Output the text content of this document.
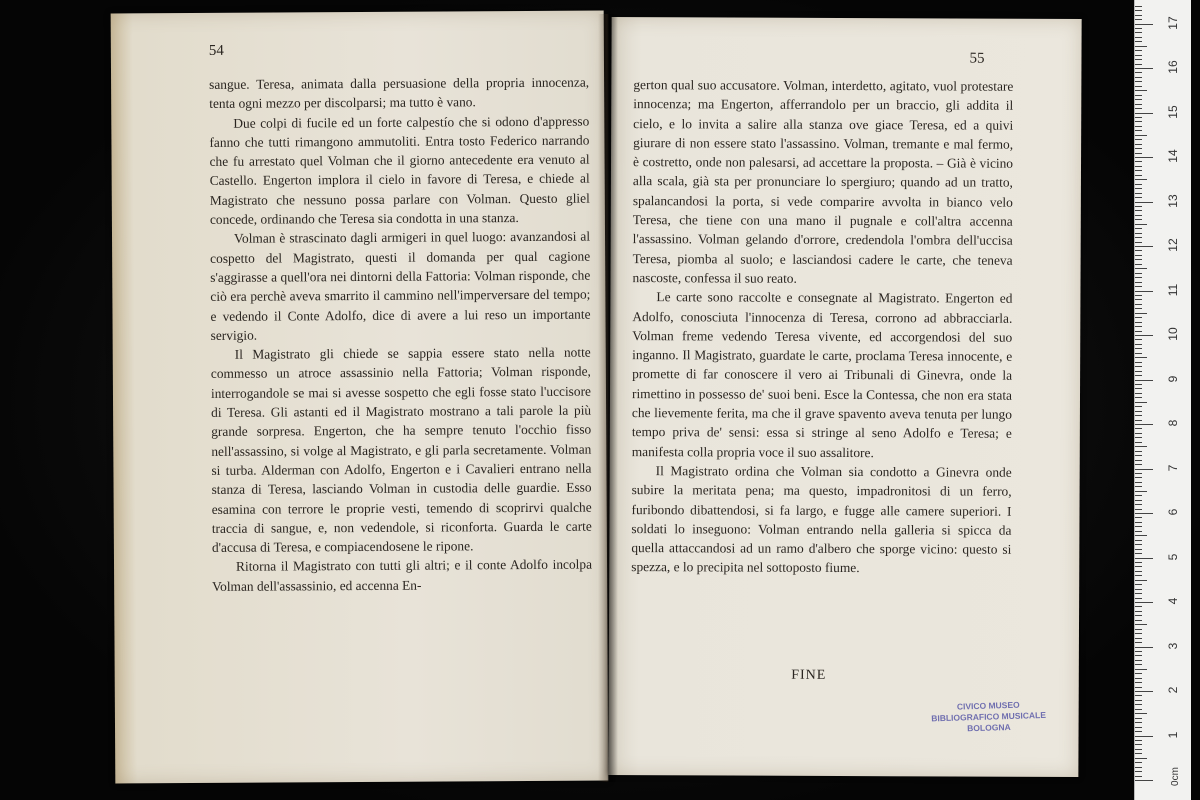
54

sangue. Teresa, animata dalla persuasione della propria innocenza, tenta ogni mezzo per discolparsi; ma tutto è vano.

Due colpi di fucile ed un forte calpestío che si odono d'appresso fanno che tutti rimangono ammutoliti. Entra tosto Federico narrando che fu arrestato quel Volman che il giorno antecedente era venuto al Castello. Engerton implora il cielo in favore di Teresa, e chiede al Magistrato che nessuno possa parlare con Volman. Questo gliel concede, ordinando che Teresa sia condotta in una stanza.

Volman è strascinato dagli armigeri in quel luogo: avanzandosi al cospetto del Magistrato, questi il domanda per qual cagione s'aggirasse a quell'ora nei dintorni della Fattoria: Volman risponde, che ciò era perchè aveva smarrito il cammino nell'imperversare del tempo; e vedendo il Conte Adolfo, dice di avere a lui reso un importante servigio.

Il Magistrato gli chiede se sappia essere stato nella notte commesso un atroce assassinio nella Fattoria; Volman risponde, interrogandole se mai si avesse sospetto che egli fosse stato l'uccisore di Teresa. Gli astanti ed il Magistrato mostrano a tali parole la più grande sorpresa. Engerton, che ha sempre tenuto l'occhio fisso nell'assassino, si volge al Magistrato, e gli parla secretamente. Volman si turba. Alderman con Adolfo, Engerton e i Cavalieri entrano nella stanza di Teresa, lasciando Volman in custodia delle guardie. Esso esamina con terrore le proprie vesti, temendo di scoprirvi qualche traccia di sangue, e, non vedendole, si riconforta. Guarda le carte d'accusa di Teresa, e compiacendosene le ripone.

Ritorna il Magistrato con tutti gli altri; e il conte Adolfo incolpa Volman dell'assassinio, ed accenna En-

55

gerton qual suo accusatore. Volman, interdetto, agitato, vuol protestare innocenza; ma Engerton, afferrandolo per un braccio, gli addita il cielo, e lo invita a salire alla stanza ove giace Teresa, ed a quivi giurare di non essere stato l'assassino. Volman, tremante e mal fermo, è costretto, onde non palesarsi, ad accettare la proposta. – Già è vicino alla scala, già sta per pronunciare lo spergiuro; quando ad un tratto, spalancandosi la porta, si vede comparire avvolta in bianco velo Teresa, che tiene con una mano il pugnale e coll'altra accenna l'assassino. Volman gelando d'orrore, credendola l'ombra dell'uccisa Teresa, piomba al suolo; e lasciandosi cadere le carte, che teneva nascoste, confessa il suo reato.

Le carte sono raccolte e consegnate al Magistrato. Engerton ed Adolfo, conosciuta l'innocenza di Teresa, corrono ad abbracciarla. Volman freme vedendo Teresa vivente, ed accorgendosi del suo inganno. Il Magistrato, guardate le carte, proclama Teresa innocente, e promette di far conoscere il vero ai Tribunali di Ginevra, onde la rimettino in possesso de' suoi beni. Esce la Contessa, che non era stata che lievemente ferita, ma che il grave spavento aveva tenuta per lungo tempo priva de' sensi: essa si stringe al seno Adolfo e Teresa; e manifesta colla propria voce il suo assalitore.

Il Magistrato ordina che Volman sia condotto a Ginevra onde subire la meritata pena; ma questo, impadronitosi di un ferro, furibondo dibattendosi, si fa largo, e fugge alle camere superiori. I soldati lo inseguono: Volman entrando nella galleria si spicca da quella attaccandosi ad un ramo d'albero che sporge vicino: questo si spezza, e lo precipita nel sottoposto fiume.

FINE
CIVICO MUSEO
BIBLIOGRAFICO MUSICALE
BOLOGNA
0cm
1
2
3
4
5
6
7
8
9
10
11
12
13
14
15
16
17
